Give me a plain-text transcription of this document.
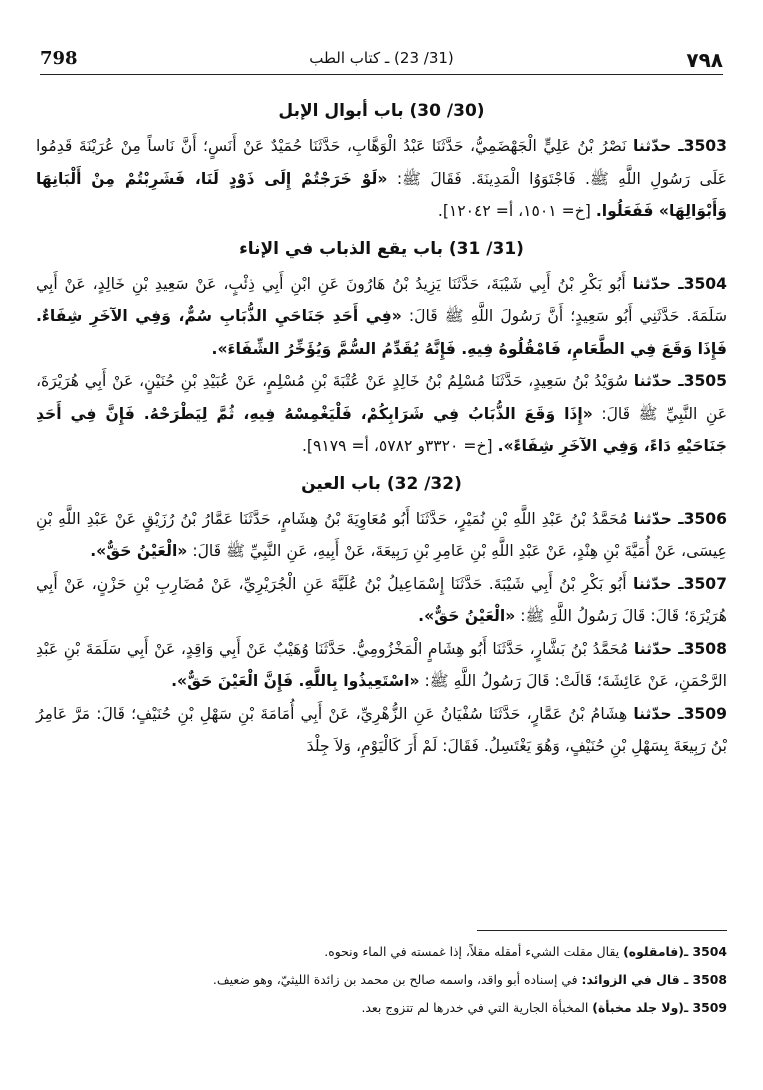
798	(31/ 23) ـ كتاب الطب	٧٩٨
(30/ 30) باب أبوال الإبل

3503ـ حدّثنا نَصْرُ بْنُ عَلِيٍّ الْجَهْضَمِيُّ، حَدَّثَنَا عَبْدُ الْوَهَّابِ، حَدَّثَنَا حُمَيْدٌ عَنْ أَنَسٍ؛ أَنَّ نَاساً مِنْ عُرَيْنَةَ قَدِمُوا عَلَى رَسُولِ اللَّهِ ﷺ. فَاجْتَوَوُا الْمَدِينَةَ. فَقَالَ ﷺ: «لَوْ خَرَجْتُمْ إِلَى ذَوْدٍ لَنَا، فَشَرِبْتُمْ مِنْ أَلْبَانِهَا وَأَبْوَالِهَا» فَفَعَلُوا. [خ= ١٥٠١، أ= ١٢٠٤٢].

(31/ 31) باب يقع الذباب في الإناء

3504ـ حدّثنا أَبُو بَكْرِ بْنُ أَبِي شَيْبَةَ، حَدَّثَنَا يَزِيدُ بْنُ هَارُونَ عَنِ ابْنِ أَبِي ذِئْبٍ، عَنْ سَعِيدِ بْنِ خَالِدٍ، عَنْ أَبِي سَلَمَةَ. حَدَّثَنِي أَبُو سَعِيدٍ؛ أَنَّ رَسُولَ اللَّهِ ﷺ قَالَ: «فِي أَحَدِ جَنَاحَيِ الذُّبَابِ سُمٌّ، وَفِي الآخَرِ شِفَاءٌ. فَإِذَا وَقَعَ فِي الطَّعَامِ، فَامْقُلُوهُ فِيهِ. فَإِنَّهُ يُقَدِّمُ السُّمَّ وَيُؤَخِّرُ الشِّفَاءَ».

3505ـ حدّثنا سُوَيْدُ بْنُ سَعِيدٍ، حَدَّثَنَا مُسْلِمُ بْنُ خَالِدٍ عَنْ عُتْبَةَ بْنِ مُسْلِمٍ، عَنْ عُبَيْدِ بْنِ حُنَيْنٍ، عَنْ أَبِي هُرَيْرَةَ، عَنِ النَّبِيِّ ﷺ قَالَ: «إِذَا وَقَعَ الذُّبَابُ فِي شَرَابِكُمْ، فَلْيَغْمِسْهُ فِيهِ، ثُمَّ لِيَطْرَحْهُ. فَإِنَّ فِي أَحَدِ جَنَاحَيْهِ دَاءً، وَفِي الآخَرِ شِفَاءً». [خ= ٣٣٢٠و ٥٧٨٢، أ= ٩١٧٩].

(32/ 32) باب العين

3506ـ حدّثنا مُحَمَّدُ بْنُ عَبْدِ اللَّهِ بْنِ نُمَيْرٍ، حَدَّثَنَا أَبُو مُعَاوِيَةَ بْنُ هِشَامٍ، حَدَّثَنَا عَمَّارُ بْنُ رُزَيْقٍ عَنْ عَبْدِ اللَّهِ بْنِ عِيسَى، عَنْ أُمَيَّةَ بْنِ هِنْدٍ، عَنْ عَبْدِ اللَّهِ بْنِ عَامِرِ بْنِ رَبِيعَةَ، عَنْ أَبِيهِ، عَنِ النَّبِيِّ ﷺ قَالَ: «الْعَيْنُ حَقٌّ».

3507ـ حدّثنا أَبُو بَكْرِ بْنُ أَبِي شَيْبَةَ. حَدَّثَنَا إِسْمَاعِيلُ بْنُ عُلَيَّةَ عَنِ الْجُرَيْرِيِّ، عَنْ مُضَارِبِ بْنِ حَزْنٍ، عَنْ أَبِي هُرَيْرَةَ؛ قَالَ: قَالَ رَسُولُ اللَّهِ ﷺ: «الْعَيْنُ حَقٌّ».

3508ـ حدّثنا مُحَمَّدُ بْنُ بَشَّارٍ، حَدَّثَنَا أَبُو هِشَامٍ الْمَخْزُومِيُّ. حَدَّثَنَا وُهَيْبٌ عَنْ أَبِي وَاقِدٍ، عَنْ أَبِي سَلَمَةَ بْنِ عَبْدِ الرَّحْمَنِ، عَنْ عَائِشَةَ؛ قَالَتْ: قَالَ رَسُولُ اللَّهِ ﷺ: «اسْتَعِيذُوا بِاللَّهِ. فَإِنَّ الْعَيْنَ حَقٌّ».

3509ـ حدّثنا هِشَامُ بْنُ عَمَّارٍ، حَدَّثَنَا سُفْيَانُ عَنِ الزُّهْرِيِّ، عَنْ أَبِي أُمَامَةَ بْنِ سَهْلِ بْنِ حُنَيْفٍ؛ قَالَ: مَرَّ عَامِرُ بْنُ رَبِيعَةَ بِسَهْلِ بْنِ حُنَيْفٍ، وَهُوَ يَغْتَسِلُ. فَقَالَ: لَمْ أَرَ كَالْيَوْمِ، وَلاَ جِلْدَ

3504 ـ(فامقلوه) يقال مقلت الشيء أمقله مقلاً، إذا غمسته في الماء ونحوه.

3508 ـ قال في الزوائد: في إسناده أبو واقد، واسمه صالح بن محمد بن زائدة الليثيّ، وهو ضعيف.

3509 ـ(ولا جلد مخبأة) المخبأة الجارية التي في خدرها لم تتزوج بعد.
